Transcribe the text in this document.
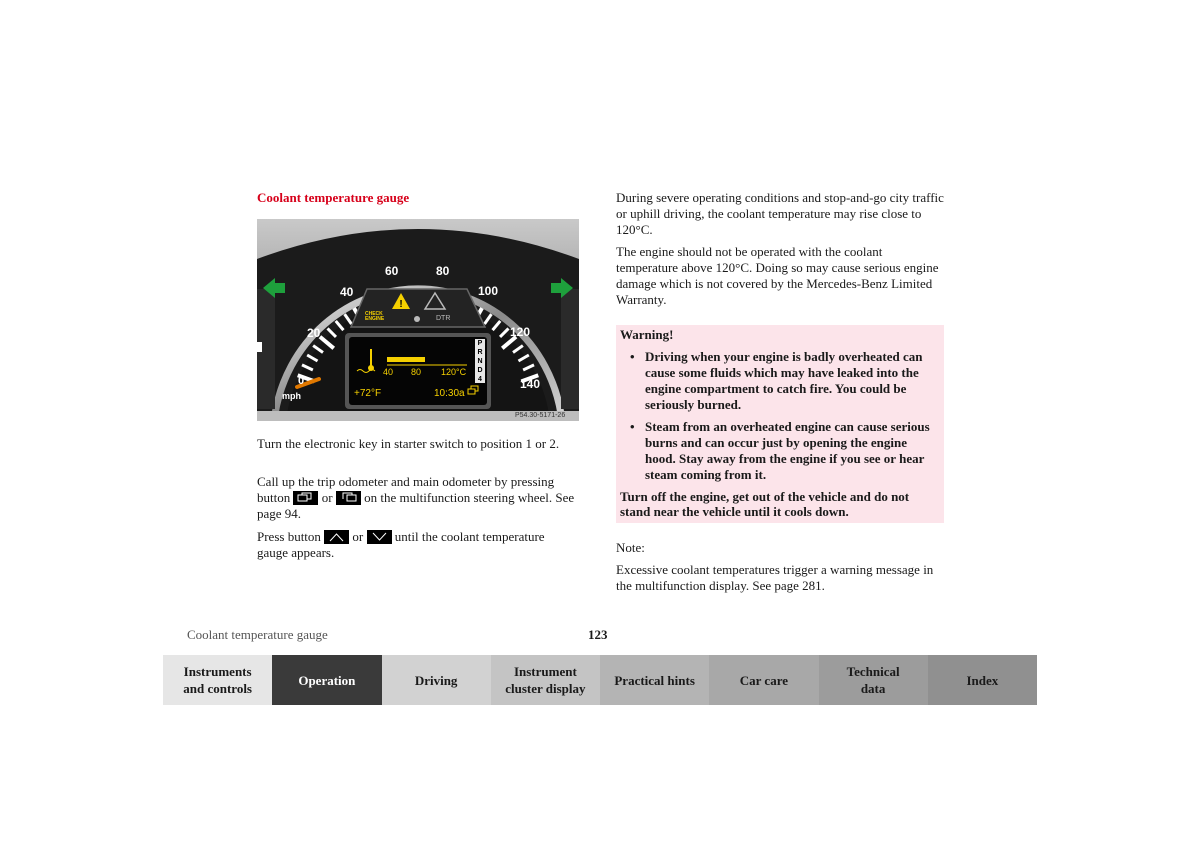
Coolant temperature gauge
!
0
20
40
60	80
100
120
140
mph
CHECK
ENGINE	DTR
40 80 120°C
+72°F	10:30a
P R N D 4
P54.30-5171-26

Turn the electronic key in starter switch to position 1 or 2.

Call up the trip odometer and main odometer by pressing button or on the multifunction steering wheel. See page 94.

Press button or until the coolant temperature gauge appears.

During severe operating conditions and stop-and-go city traffic or uphill driving, the coolant temperature may rise close to 120°C.

The engine should not be operated with the coolant temperature above 120°C. Doing so may cause serious engine damage which is not covered by the Mercedes-Benz Limited Warranty.

Warning!

• Driving when your engine is badly overheated can cause some fluids which may have leaked into the engine compartment to catch fire. You could be seriously burned.
• Steam from an overheated engine can cause serious burns and can occur just by opening the engine hood. Stay away from the engine if you see or hear steam coming from it.

Turn off the engine, get out of the vehicle and do not stand near the vehicle until it cools down.

Note:

Excessive coolant temperatures trigger a warning message in the multifunction display. See page 281.

Coolant temperature gauge	123
Instruments
and controls
Operation	Driving
Instrument
cluster display
Practical hints	Car care
Technical
data
Index
